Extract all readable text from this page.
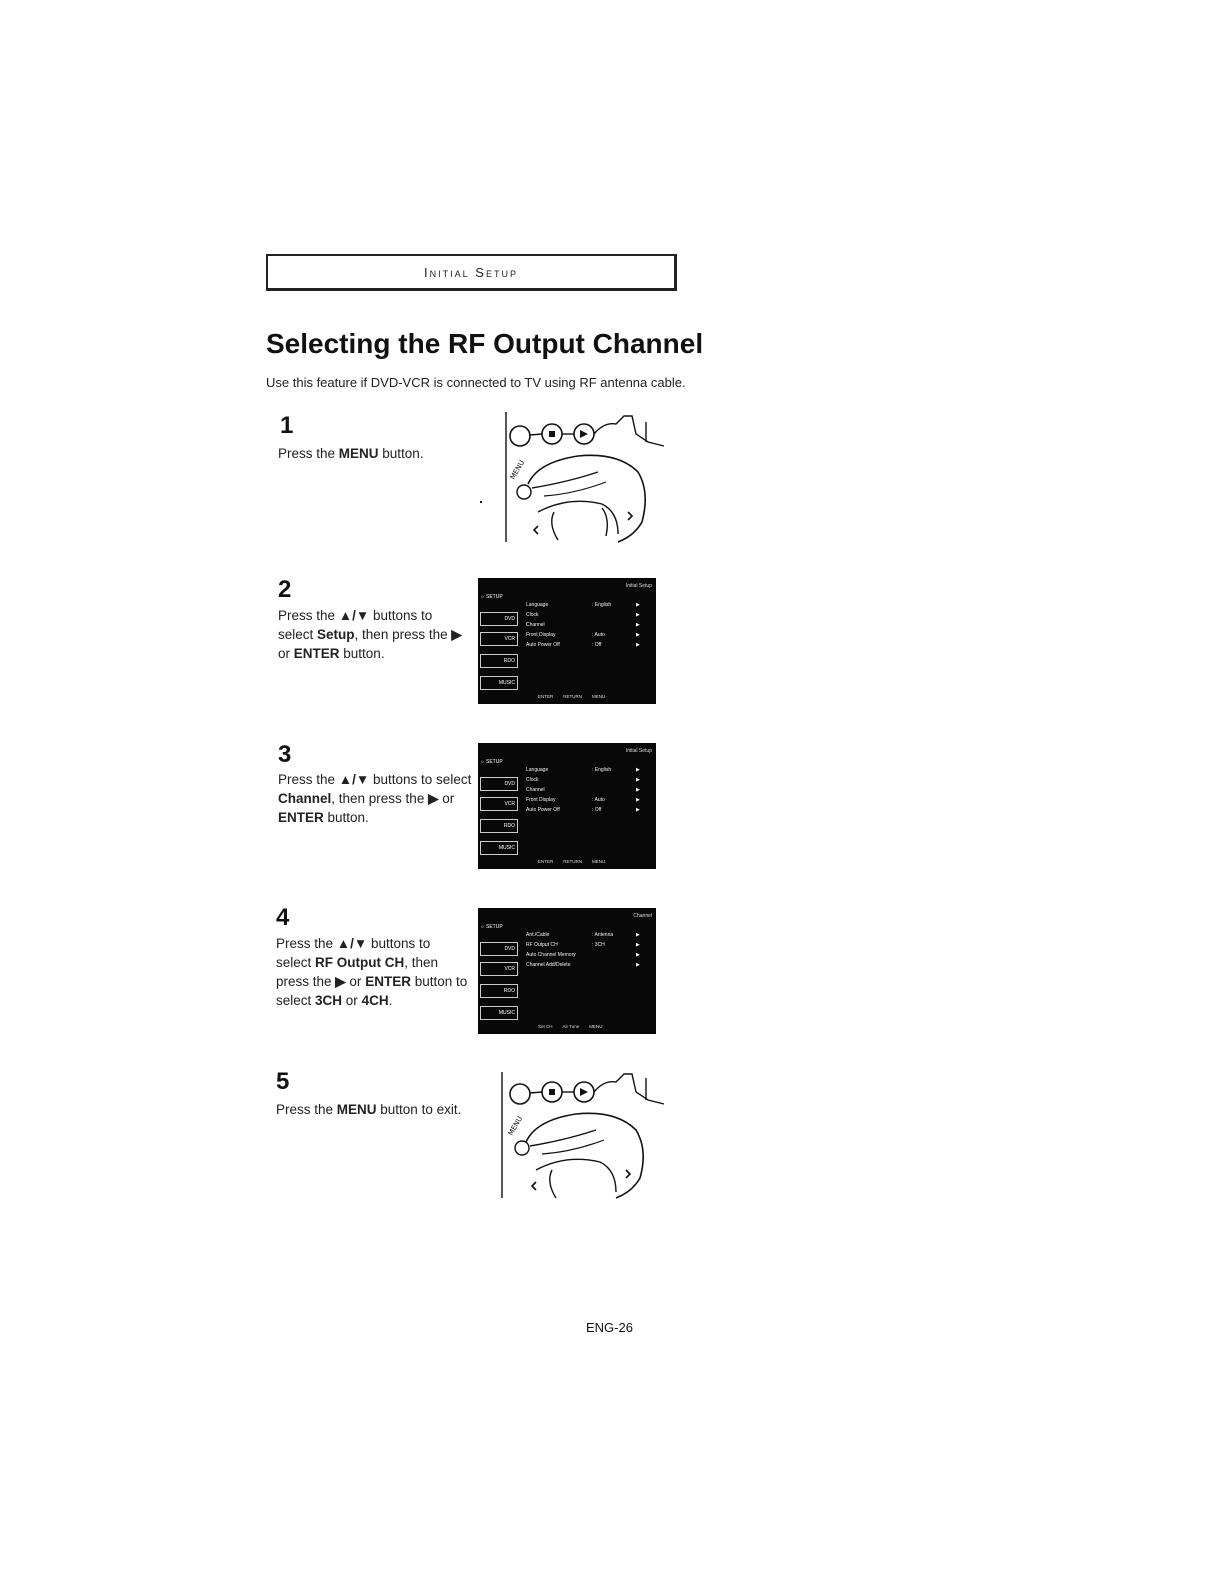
Initial Setup
Selecting the RF Output Channel
Use this feature if DVD-VCR is connected to TV using RF antenna cable.
1
Press the MENU button.
2
Press the ▲/▼ buttons to select Setup, then press the ▶ or ENTER button.
3
Press the ▲/▼ buttons to select Channel, then press the ▶ or ENTER button.
4
Press the ▲/▼ buttons to select RF Output CH, then press the ▶ or ENTER button to select 3CH or 4CH.
5
Press the MENU button to exit.
MENU
Initial Setup
☼ SETUP
DVD
VCR
RDO
MUSIC
Language	: English	▶
Clock	▶
Channel	▶
Front Display	: Auto	▶
Auto Power Off	: Off	▶
ENTER RETURN MENU
Initial Setup
☼ SETUP
DVD
VCR
RDO
MUSIC
Language	: English	▶
Clock	▶
Channel	▶
Front Display	: Auto	▶
Auto Power Off	: Off	▶
ENTER RETURN MENU
Channel
☼ SETUP
DVD
VCR
RDO
MUSIC
Ant./Cable	: Antenna	▶
RF Output CH	: 3CH	▶
Auto Channel Memory	▶
Channel Add/Delete	▶
Set CH Air Tune MENU
MENU
ENG-26
